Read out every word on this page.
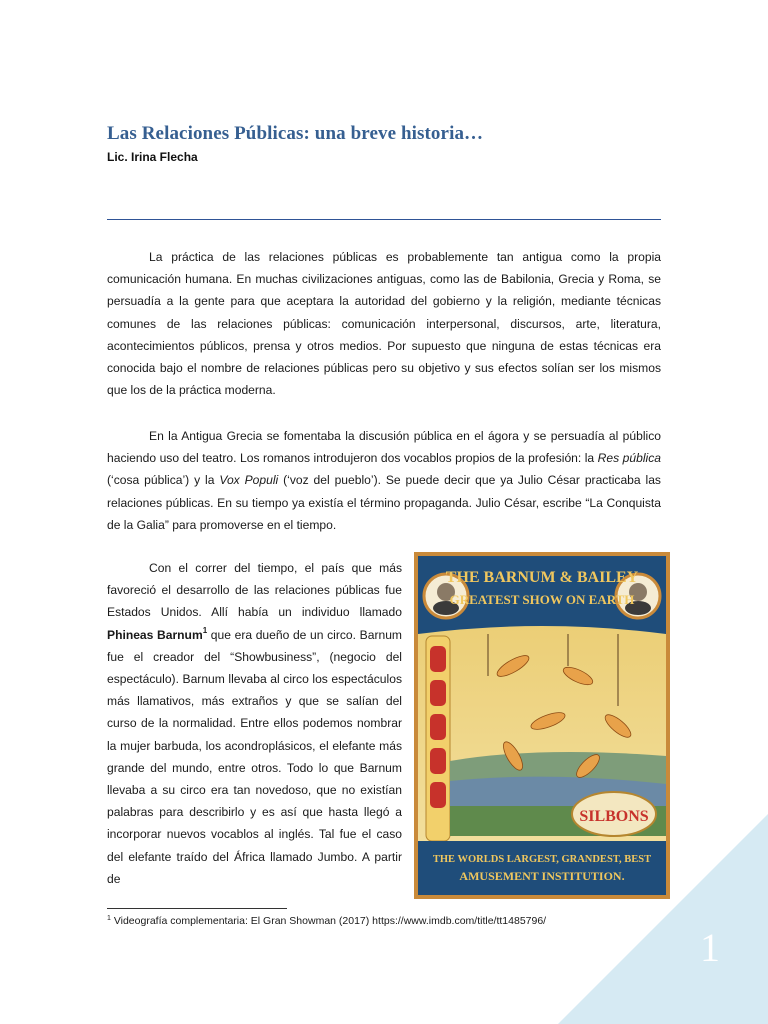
Las Relaciones Públicas: una breve historia…

Lic. Irina Flecha

La práctica de las relaciones públicas es probablemente tan antigua como la propia comunicación humana. En muchas civilizaciones antiguas, como las de Babilonia, Grecia y Roma, se persuadía a la gente para que aceptara la autoridad del gobierno y la religión, mediante técnicas comunes de las relaciones públicas: comunicación interpersonal, discursos, arte, literatura, acontecimientos públicos, prensa y otros medios. Por supuesto que ninguna de estas técnicas era conocida bajo el nombre de relaciones públicas pero su objetivo y sus efectos solían ser los mismos que los de la práctica moderna.

En la Antigua Grecia se fomentaba la discusión pública en el ágora y se persuadía al público haciendo uso del teatro. Los romanos introdujeron dos vocablos propios de la profesión: la Res pública (‘cosa pública’) y la Vox Populi (‘voz del pueblo’). Se puede decir que ya Julio César practicaba las relaciones públicas. En su tiempo ya existía el término propaganda. Julio César, escribe “La Conquista de la Galia” para promoverse en el tiempo.

Con el correr del tiempo, el país que más favoreció el desarrollo de las relaciones públicas fue Estados Unidos. Allí había un individuo llamado Phineas Barnum$^1$ que era dueño de un circo. Barnum fue el creador del “Showbusiness”, (negocio del espectáculo). Barnum llevaba al circo los espectáculos más llamativos, más extraños y que se salían del curso de la normalidad. Entre ellos podemos nombrar la mujer barbuda, los acondroplásicos, el elefante más grande del mundo, entre otros. Todo lo que Barnum llevaba a su circo era tan novedoso, que no existían palabras para describirlo y es así que hasta llegó a incorporar nuevos vocablos al inglés. Tal fue el caso del elefante traído del África llamado Jumbo. A partir de

THE BARNUM & BAILEY
GREATEST SHOW ON EARTH
SILBONS
THE WORLDS LARGEST, GRANDEST, BEST
AMUSEMENT INSTITUTION.

$^1$ Videografía complementaria: El Gran Showman (2017) https://www.imdb.com/title/tt1485796/

1
